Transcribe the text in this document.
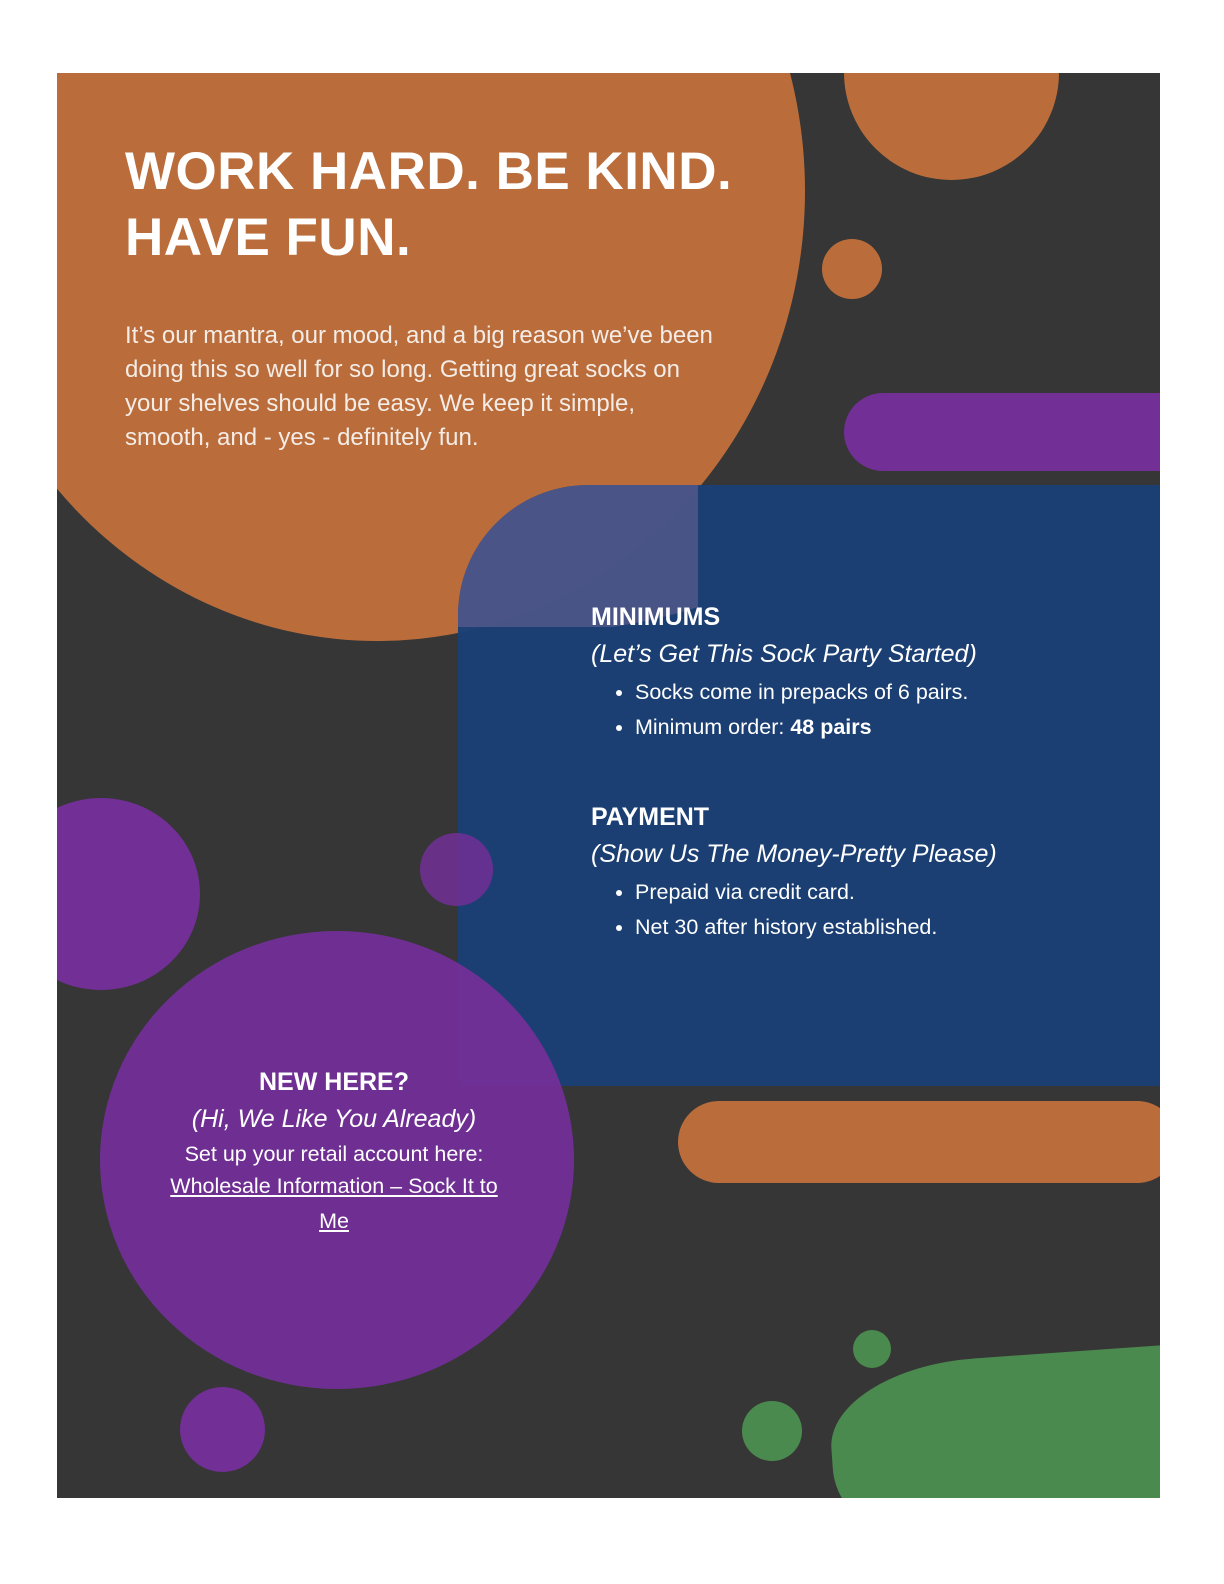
WORK HARD. BE KIND. HAVE FUN.
It’s our mantra, our mood, and a big reason we’ve been doing this so well for so long. Getting great socks on your shelves should be easy. We keep it simple, smooth, and - yes - definitely fun.
MINIMUMS
(Let’s Get This Sock Party Started)
• Socks come in prepacks of 6 pairs.
• Minimum order: 48 pairs
PAYMENT
(Show Us The Money-Pretty Please)
• Prepaid via credit card.
• Net 30 after history established.
NEW HERE?
(Hi, We Like You Already)
Set up your retail account here:
Wholesale Information – Sock It to Me
